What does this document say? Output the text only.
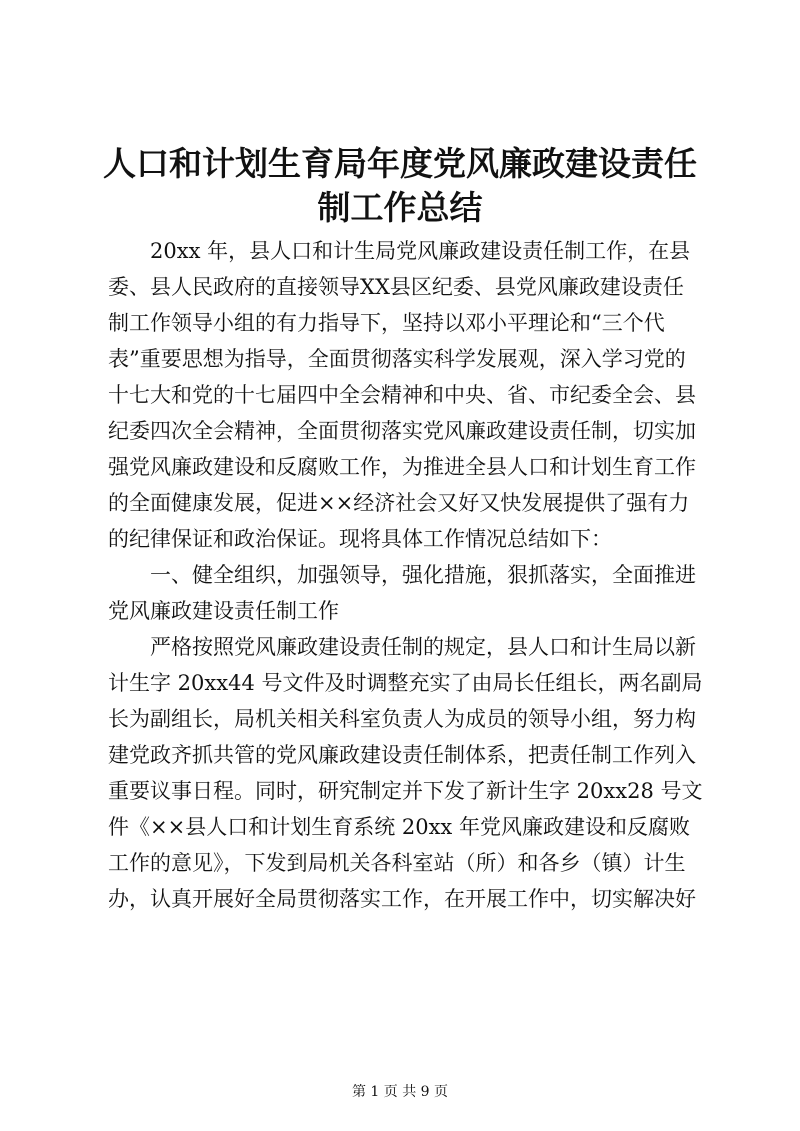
人口和计划生育局年度党风廉政建设责任制工作总结

20xx 年，县人口和计生局党风廉政建设责任制工作，在县委、县人民政府的直接领导XX县区纪委、县党风廉政建设责任制工作领导小组的有力指导下，坚持以邓小平理论和“三个代表”重要思想为指导，全面贯彻落实科学发展观，深入学习党的十七大和党的十七届四中全会精神和中央、省、市纪委全会、县纪委四次全会精神，全面贯彻落实党风廉政建设责任制，切实加强党风廉政建设和反腐败工作，为推进全县人口和计划生育工作的全面健康发展，促进××经济社会又好又快发展提供了强有力的纪律保证和政治保证。现将具体工作情况总结如下：

一、健全组织，加强领导，强化措施，狠抓落实，全面推进党风廉政建设责任制工作

严格按照党风廉政建设责任制的规定，县人口和计生局以新计生字 20xx44 号文件及时调整充实了由局长任组长，两名副局长为副组长，局机关相关科室负责人为成员的领导小组，努力构建党政齐抓共管的党风廉政建设责任制体系，把责任制工作列入重要议事日程。同时，研究制定并下发了新计生字 20xx28 号文件《××县人口和计划生育系统 20xx 年党风廉政建设和反腐败工作的意见》，下发到局机关各科室站（所）和各乡（镇）计生办，认真开展好全局贯彻落实工作，在开展工作中，切实解决好

第 1 页 共 9 页
